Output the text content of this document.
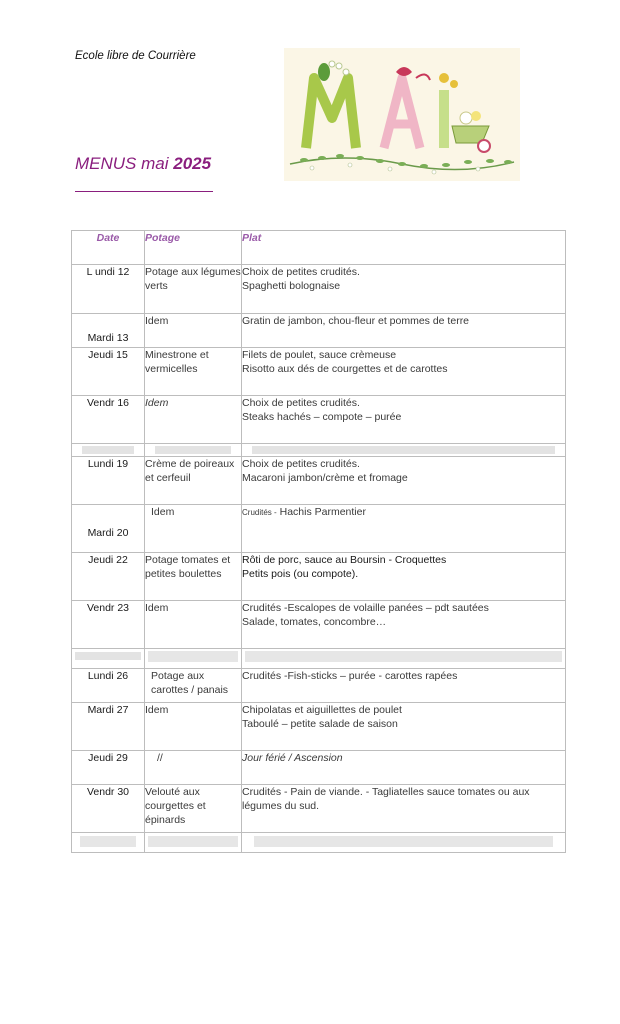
Ecole libre de Courrière
MENUS mai 2025
Date	Potage	Plat
L undi 12	Potage aux légumes verts	Choix de petites crudités.
Spaghetti bolognaise

Mardi 13	Idem	Gratin de jambon, chou-fleur et pommes de terre

Jeudi 15	Minestrone et vermicelles	Filets de poulet, sauce crèmeuse
Risotto aux dés de courgettes et de carottes

Vendr 16	Idem	Choix de petites crudités.
Steaks hachés – compote – purée

Lundi 19	Crème de poireaux et cerfeuil	Choix de petites crudités.
Macaroni jambon/crème et fromage

Mardi 20	Idem	Crudités - Hachis Parmentier
Jeudi 22	Potage tomates et petites boulettes	Rôti de porc, sauce au Boursin - Croquettes
Petits pois (ou compote).

Vendr 23	Idem	Crudités -Escalopes de volaille panées – pdt sautées
Salade, tomates, concombre…

Lundi 26	Potage aux carottes / panais	Crudités -Fish-sticks – purée - carottes rapées

Mardi 27	Idem	Chipolatas et aiguillettes de poulet
Taboulé – petite salade de saison

Jeudi 29	//	Jour férié / Ascension

Vendr 30	Velouté aux courgettes et épinards	Crudités - Pain de viande. - Tagliatelles sauce tomates ou aux légumes du sud.
